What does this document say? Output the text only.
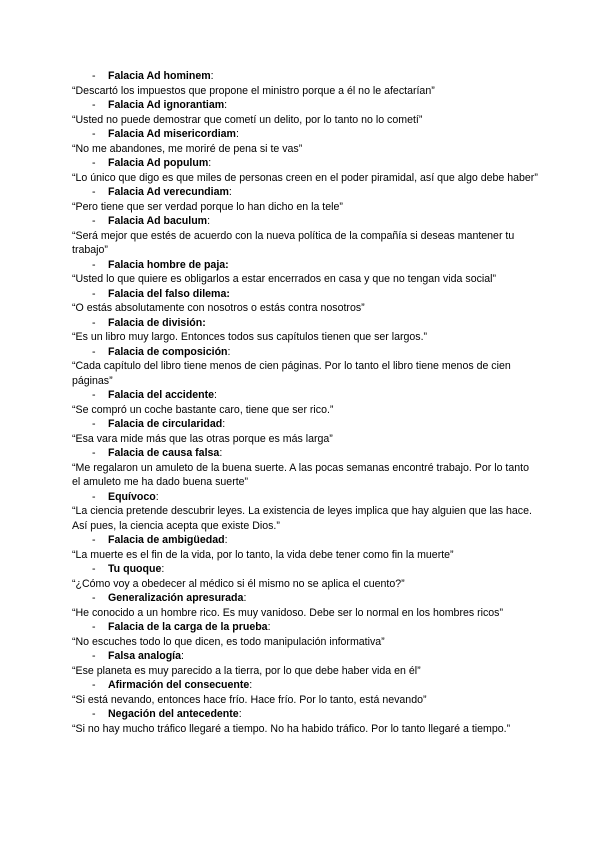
- Falacia Ad hominem:
“Descartó los impuestos que propone el ministro porque a él no le afectarían”
- Falacia Ad ignorantiam:
“Usted no puede demostrar que cometí un delito, por lo tanto no lo cometí”
- Falacia Ad misericordiam:
“No me abandones, me moriré de pena si te vas”
- Falacia Ad populum:
“Lo único que digo es que miles de personas creen en el poder piramidal, así que algo debe haber”
- Falacia Ad verecundiam:
“Pero tiene que ser verdad porque lo han dicho en la tele”
- Falacia Ad baculum:
“Será mejor que estés de acuerdo con la nueva política de la compañía si deseas mantener tu trabajo”
- Falacia hombre de paja:
“Usted lo que quiere es obligarlos a estar encerrados en casa y que no tengan vida social”
- Falacia del falso dilema:
“O estás absolutamente con nosotros o estás contra nosotros”
- Falacia de división:
“Es un libro muy largo. Entonces todos sus capítulos tienen que ser largos.”
- Falacia de composición:
“Cada capítulo del libro tiene menos de cien páginas. Por lo tanto el libro tiene menos de cien páginas”
- Falacia del accidente:
“Se compró un coche bastante caro, tiene que ser rico.”
- Falacia de circularidad:
“Esa vara mide más que las otras porque es más larga”
- Falacia de causa falsa:
“Me regalaron un amuleto de la buena suerte. A las pocas semanas encontré trabajo. Por lo tanto el amuleto me ha dado buena suerte”
- Equívoco:
“La ciencia pretende descubrir leyes. La existencia de leyes implica que hay alguien que las hace. Así pues, la ciencia acepta que existe Dios.”
- Falacia de ambigüedad:
“La muerte es el fin de la vida, por lo tanto, la vida debe tener como fin la muerte”
- Tu quoque:
“¿Cómo voy a obedecer al médico si él mismo no se aplica el cuento?”
- Generalización apresurada:
“He conocido a un hombre rico. Es muy vanidoso. Debe ser lo normal en los hombres ricos”
- Falacia de la carga de la prueba:
“No escuches todo lo que dicen, es todo manipulación informativa”
- Falsa analogía:
“Ese planeta es muy parecido a la tierra, por lo que debe haber vida en él”
- Afirmación del consecuente:
“Si está nevando, entonces hace frío. Hace frío. Por lo tanto, está nevando”
- Negación del antecedente:
“Si no hay mucho tráfico llegaré a tiempo. No ha habido tráfico. Por lo tanto llegaré a tiempo.”
